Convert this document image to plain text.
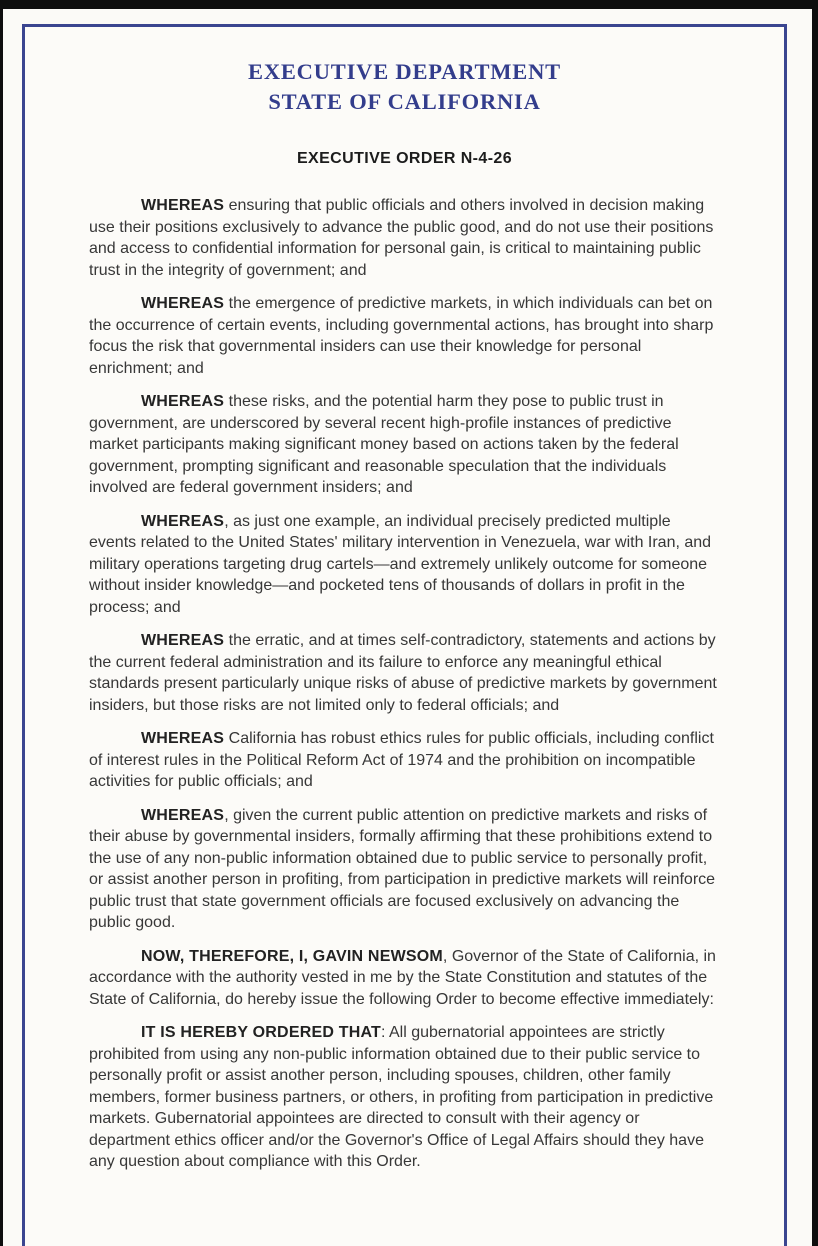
EXECUTIVE DEPARTMENT
STATE OF CALIFORNIA
EXECUTIVE ORDER N-4-26

WHEREAS ensuring that public officials and others involved in decision making use their positions exclusively to advance the public good, and do not use their positions and access to confidential information for personal gain, is critical to maintaining public trust in the integrity of government; and

WHEREAS the emergence of predictive markets, in which individuals can bet on the occurrence of certain events, including governmental actions, has brought into sharp focus the risk that governmental insiders can use their knowledge for personal enrichment; and

WHEREAS these risks, and the potential harm they pose to public trust in government, are underscored by several recent high-profile instances of predictive market participants making significant money based on actions taken by the federal government, prompting significant and reasonable speculation that the individuals involved are federal government insiders; and

WHEREAS, as just one example, an individual precisely predicted multiple events related to the United States' military intervention in Venezuela, war with Iran, and military operations targeting drug cartels—and extremely unlikely outcome for someone without insider knowledge—and pocketed tens of thousands of dollars in profit in the process; and

WHEREAS the erratic, and at times self-contradictory, statements and actions by the current federal administration and its failure to enforce any meaningful ethical standards present particularly unique risks of abuse of predictive markets by government insiders, but those risks are not limited only to federal officials; and

WHEREAS California has robust ethics rules for public officials, including conflict of interest rules in the Political Reform Act of 1974 and the prohibition on incompatible activities for public officials; and

WHEREAS, given the current public attention on predictive markets and risks of their abuse by governmental insiders, formally affirming that these prohibitions extend to the use of any non-public information obtained due to public service to personally profit, or assist another person in profiting, from participation in predictive markets will reinforce public trust that state government officials are focused exclusively on advancing the public good.

NOW, THEREFORE, I, GAVIN NEWSOM, Governor of the State of California, in accordance with the authority vested in me by the State Constitution and statutes of the State of California, do hereby issue the following Order to become effective immediately:

IT IS HEREBY ORDERED THAT: All gubernatorial appointees are strictly prohibited from using any non-public information obtained due to their public service to personally profit or assist another person, including spouses, children, other family members, former business partners, or others, in profiting from participation in predictive markets. Gubernatorial appointees are directed to consult with their agency or department ethics officer and/or the Governor's Office of Legal Affairs should they have any question about compliance with this Order.
